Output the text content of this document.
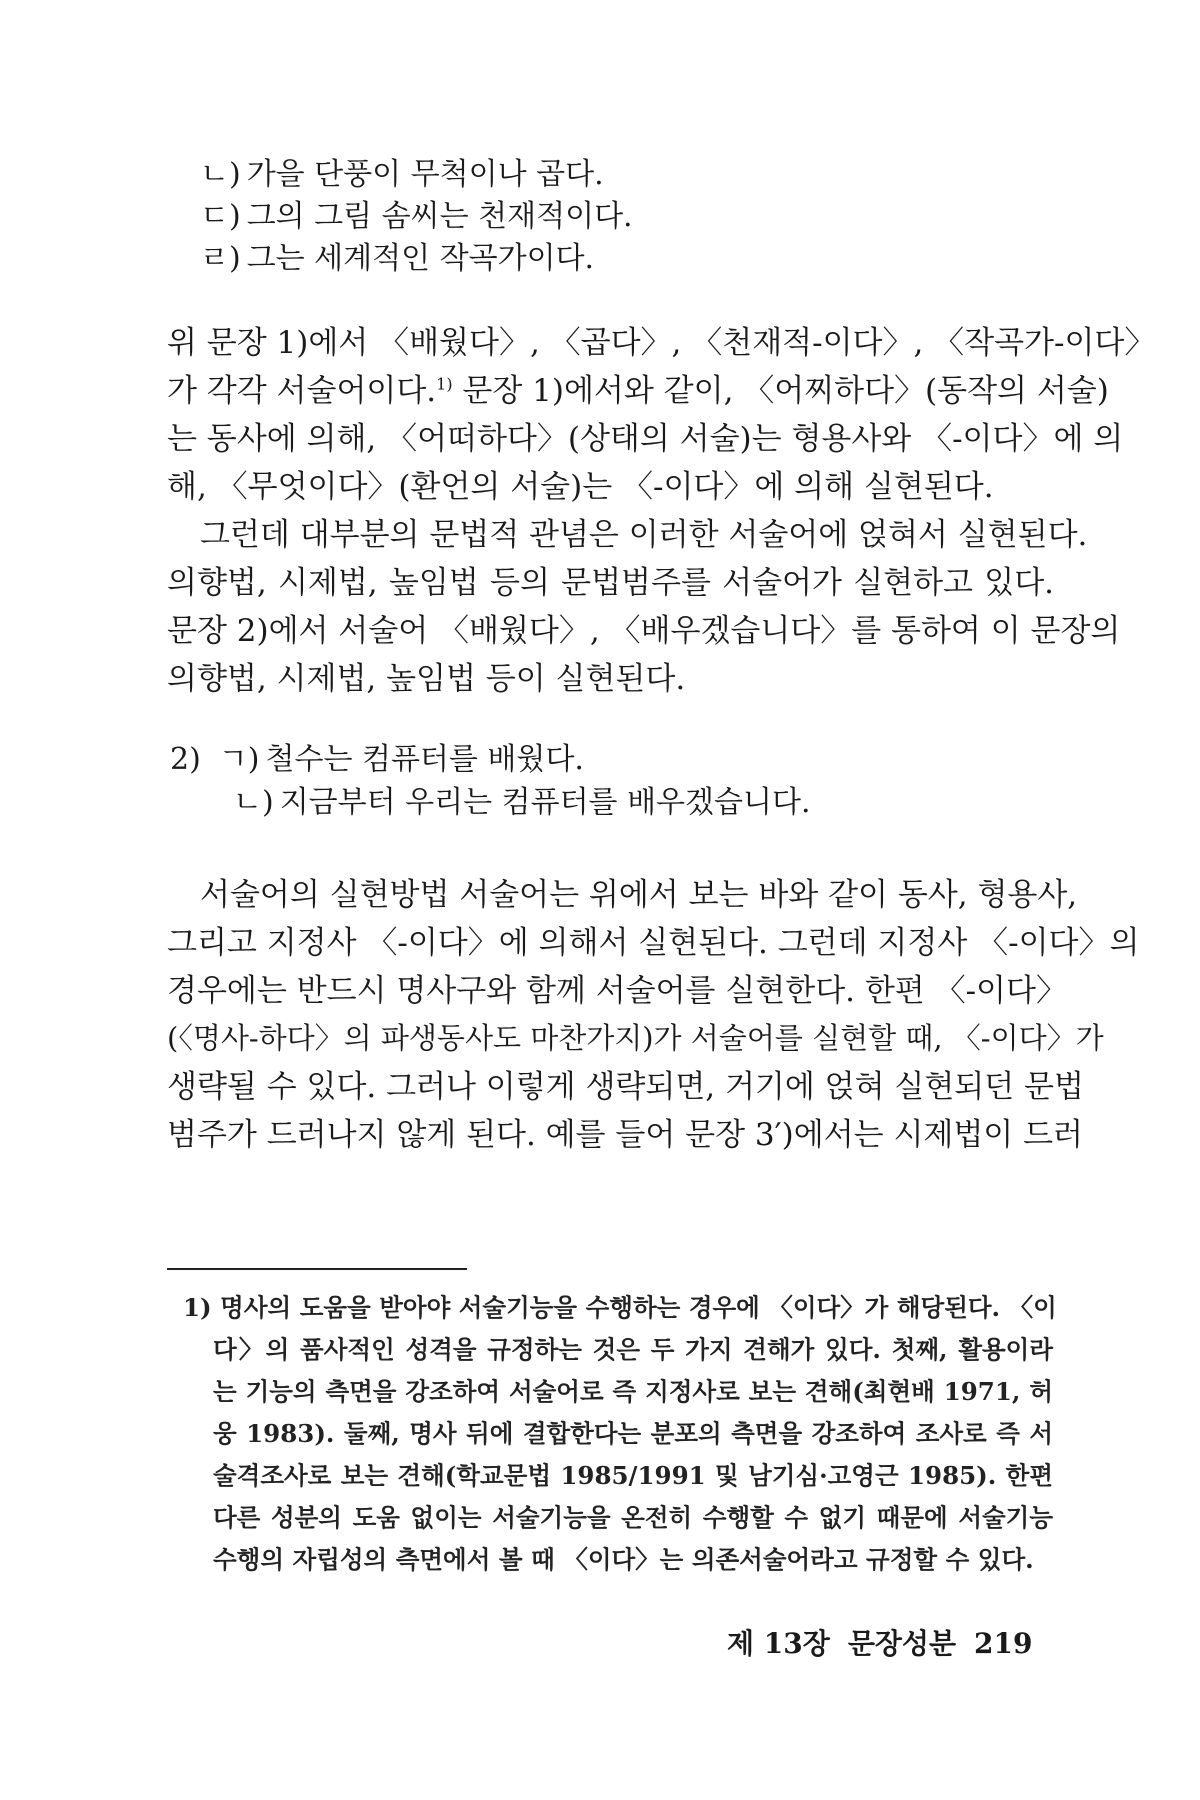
ㄴ) 가을 단풍이 무척이나 곱다.
ㄷ) 그의 그림 솜씨는 천재적이다.
ㄹ) 그는 세계적인 작곡가이다.
위 문장 1)에서 〈배웠다〉, 〈곱다〉, 〈천재적-이다〉, 〈작곡가-이다〉
가 각각 서술어이다.$^{1)}$ 문장 1)에서와 같이, 〈어찌하다〉(동작의 서술)
는 동사에 의해, 〈어떠하다〉(상태의 서술)는 형용사와 〈-이다〉에 의
해, 〈무엇이다〉(환언의 서술)는 〈-이다〉에 의해 실현된다.
그런데 대부분의 문법적 관념은 이러한 서술어에 얹혀서 실현된다.
의향법, 시제법, 높임법 등의 문법범주를 서술어가 실현하고 있다.
문장 2)에서 서술어 〈배웠다〉, 〈배우겠습니다〉를 통하여 이 문장의
의향법, 시제법, 높임법 등이 실현된다.
2) ㄱ) 철수는 컴퓨터를 배웠다.
ㄴ) 지금부터 우리는 컴퓨터를 배우겠습니다.
서술어의 실현방법 서술어는 위에서 보는 바와 같이 동사, 형용사,
그리고 지정사 〈-이다〉에 의해서 실현된다. 그런데 지정사 〈-이다〉의
경우에는 반드시 명사구와 함께 서술어를 실현한다. 한편 〈-이다〉
(〈명사-하다〉의 파생동사도 마찬가지)가 서술어를 실현할 때, 〈-이다〉가
생략될 수 있다. 그러나 이렇게 생략되면, 거기에 얹혀 실현되던 문법
범주가 드러나지 않게 된다. 예를 들어 문장 3′)에서는 시제법이 드러
1) 명사의 도움을 받아야 서술기능을 수행하는 경우에 〈이다〉가 해당된다. 〈이
다〉의 품사적인 성격을 규정하는 것은 두 가지 견해가 있다. 첫째, 활용이라
는 기능의 측면을 강조하여 서술어로 즉 지정사로 보는 견해(최현배 1971, 허
웅 1983). 둘째, 명사 뒤에 결합한다는 분포의 측면을 강조하여 조사로 즉 서
술격조사로 보는 견해(학교문법 1985/1991 및 남기심·고영근 1985). 한편
다른 성분의 도움 없이는 서술기능을 온전히 수행할 수 없기 때문에 서술기능
수행의 자립성의 측면에서 볼 때 〈이다〉는 의존서술어라고 규정할 수 있다.
제 13장 문장성분 219
